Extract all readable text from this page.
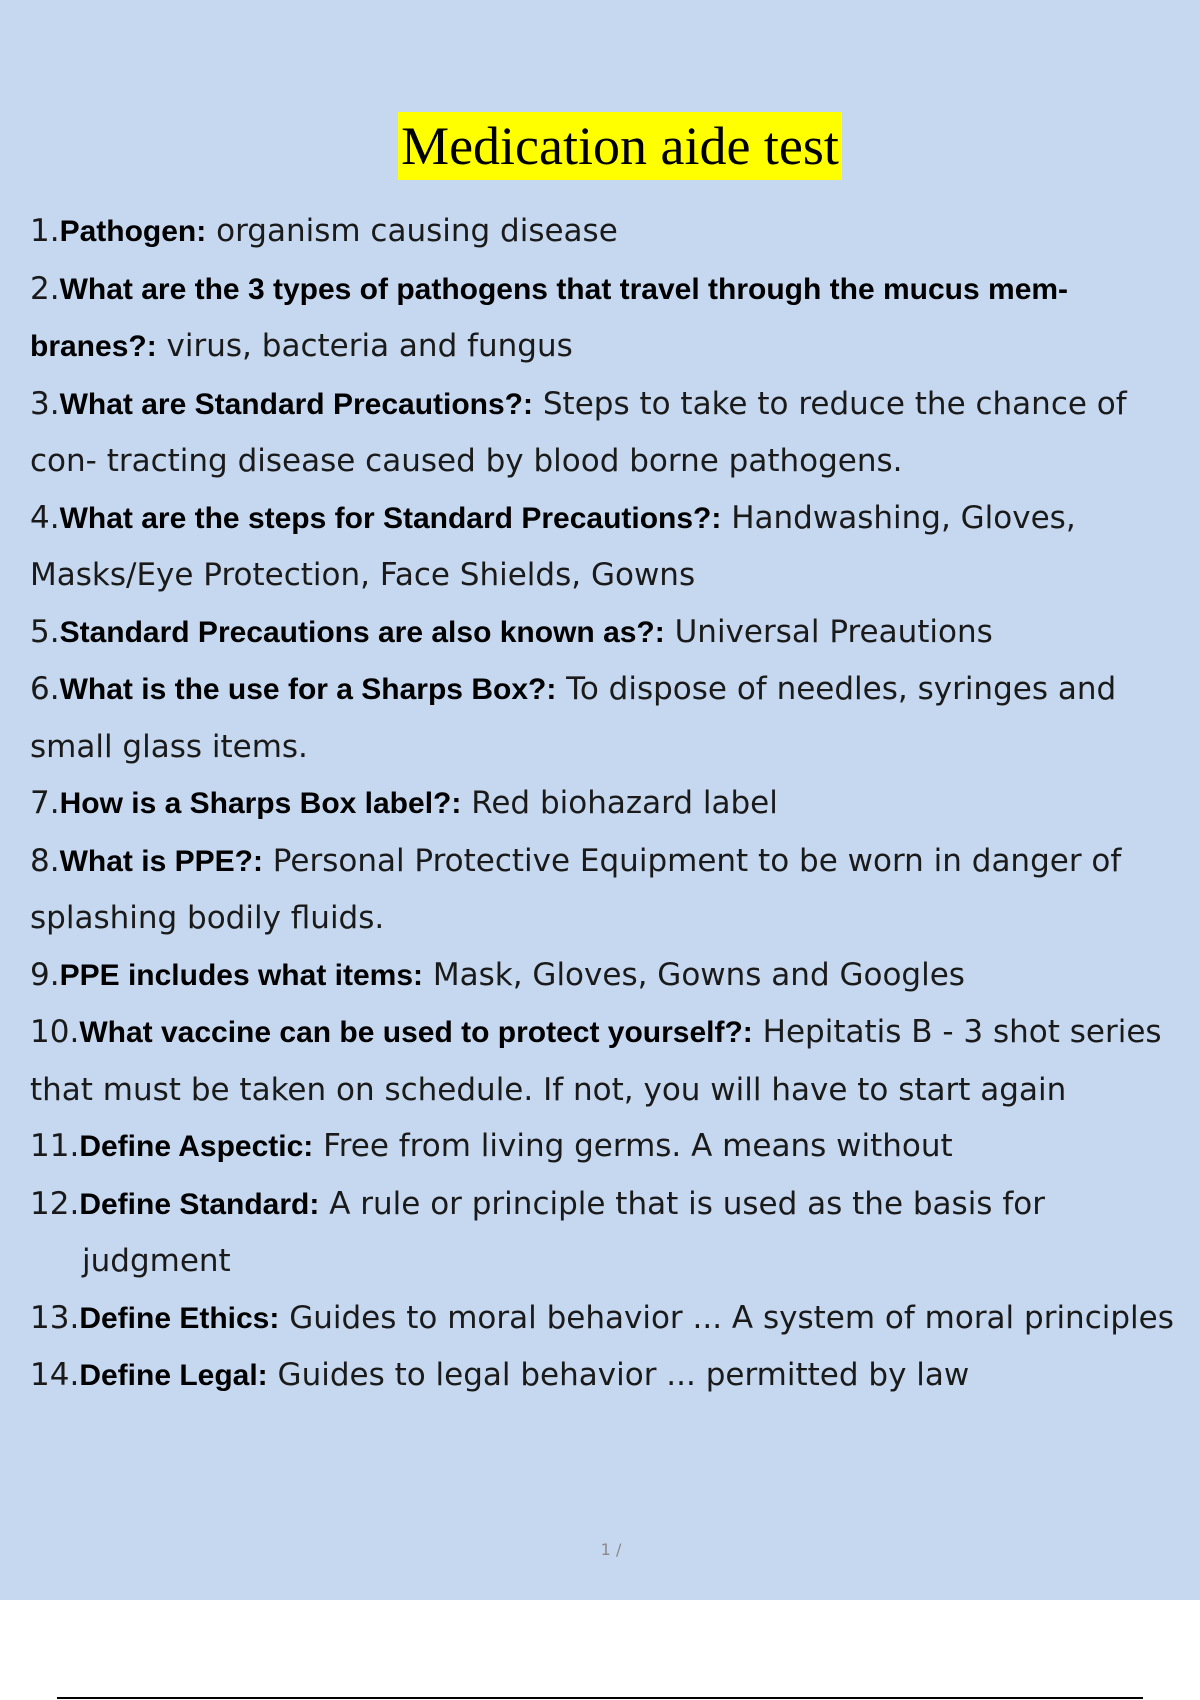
Medication aide test
1.Pathogen: organism causing disease
2.What are the 3 types of pathogens that travel through the mucus mem- branes?: virus, bacteria and fungus
3.What are Standard Precautions?: Steps to take to reduce the chance of con- tracting disease caused by blood borne pathogens.
4.What are the steps for Standard Precautions?: Handwashing, Gloves, Masks/Eye Protection, Face Shields, Gowns
5.Standard Precautions are also known as?: Universal Preautions
6.What is the use for a Sharps Box?: To dispose of needles, syringes and small glass items.
7.How is a Sharps Box label?: Red biohazard label
8.What is PPE?: Personal Protective Equipment to be worn in danger of splashing bodily fluids.
9.PPE includes what items: Mask, Gloves, Gowns and Googles
10.What vaccine can be used to protect yourself?: Hepitatis B - 3 shot series that must be taken on schedule. If not, you will have to start again
11.Define Aspectic: Free from living germs. A means without
12.Define Standard: A rule or principle that is used as the basis for judgment
13.Define Ethics: Guides to moral behavior ... A system of moral principles
14.Define Legal: Guides to legal behavior ... permitted by law
1 /
